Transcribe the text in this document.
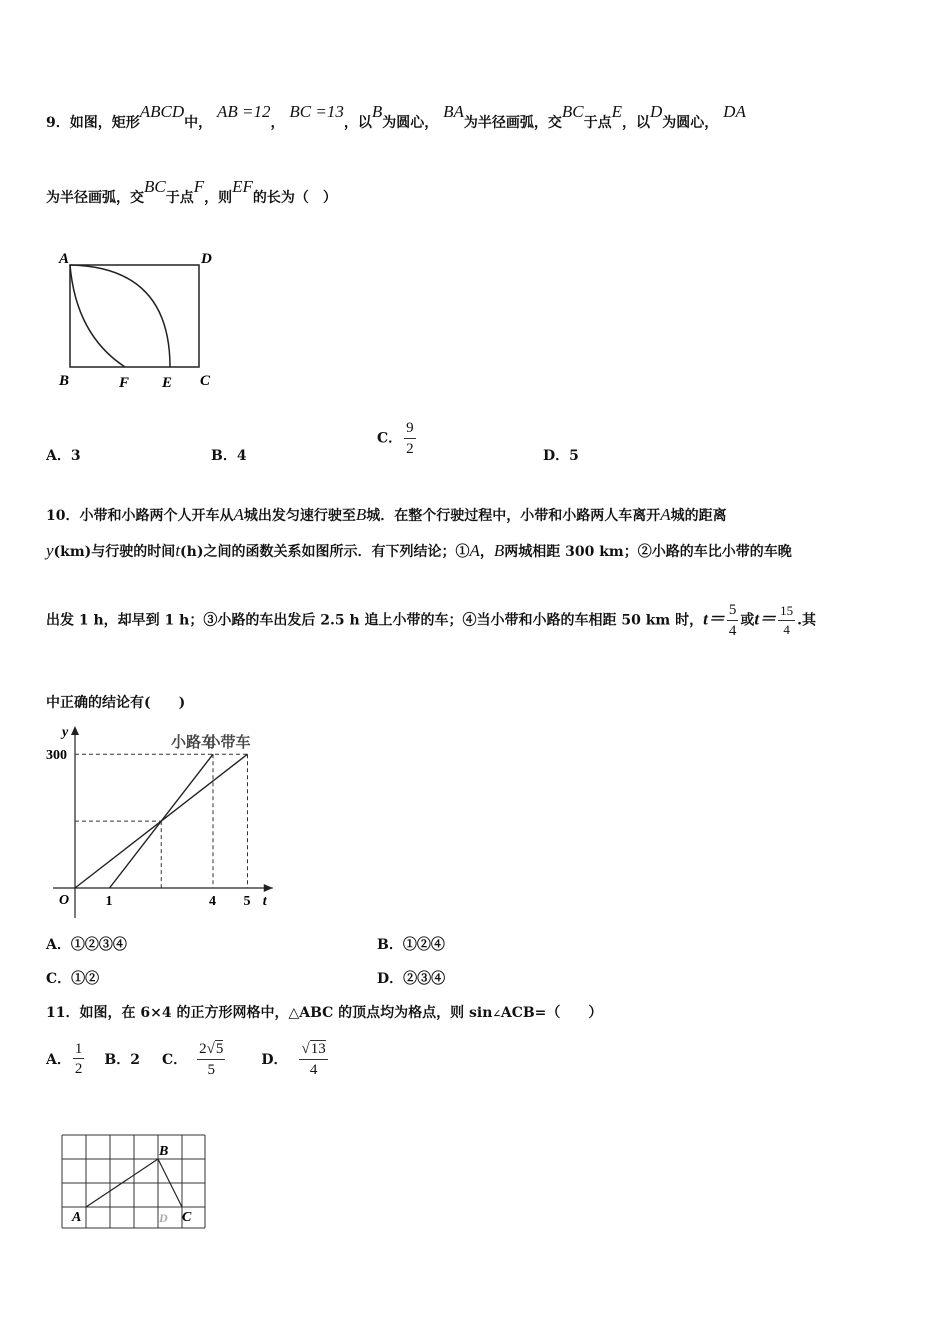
9．如图，矩形ABCD中， AB =12， BC =13，以B为圆心， BA为半径画弧，交BC于点E，以D为圆心， DA
为半径画弧，交BC于点F，则EF的长为（　）
A	D
B	F E C
A．3	B．4
C． $\frac{9}{2}$	D．5
10．小带和小路两个人开车从A城出发匀速行驶至B城．在整个行驶过程中，小带和小路两人车离开A城的距离
y(km)与行驶的时间t(h)之间的函数关系如图所示．有下列结论；①A，B两城相距 300 km；②小路的车比小带的车晚
出发 1 h，却早到 1 h；③小路的车出发后 2.5 h 追上小带的车；④当小带和小路的车相距 50 km 时，$t= \frac{5}{4}$ 或$t= \frac{15}{4}$ .其
中正确的结论有(　　)
y
t
O	1	4 5
300
小路车
小带车
A．①②③④	B．①②④
C．①②	D．②③④
11．如图，在 6×4 的正方形网格中，△ABC 的顶点均为格点，则 sin∠ACB=（　　）
A． $\frac{1}{2}$ B．2 C． $\frac{2√5}{5}$	D． $\frac{√13}{4}$
A
B
C
D
